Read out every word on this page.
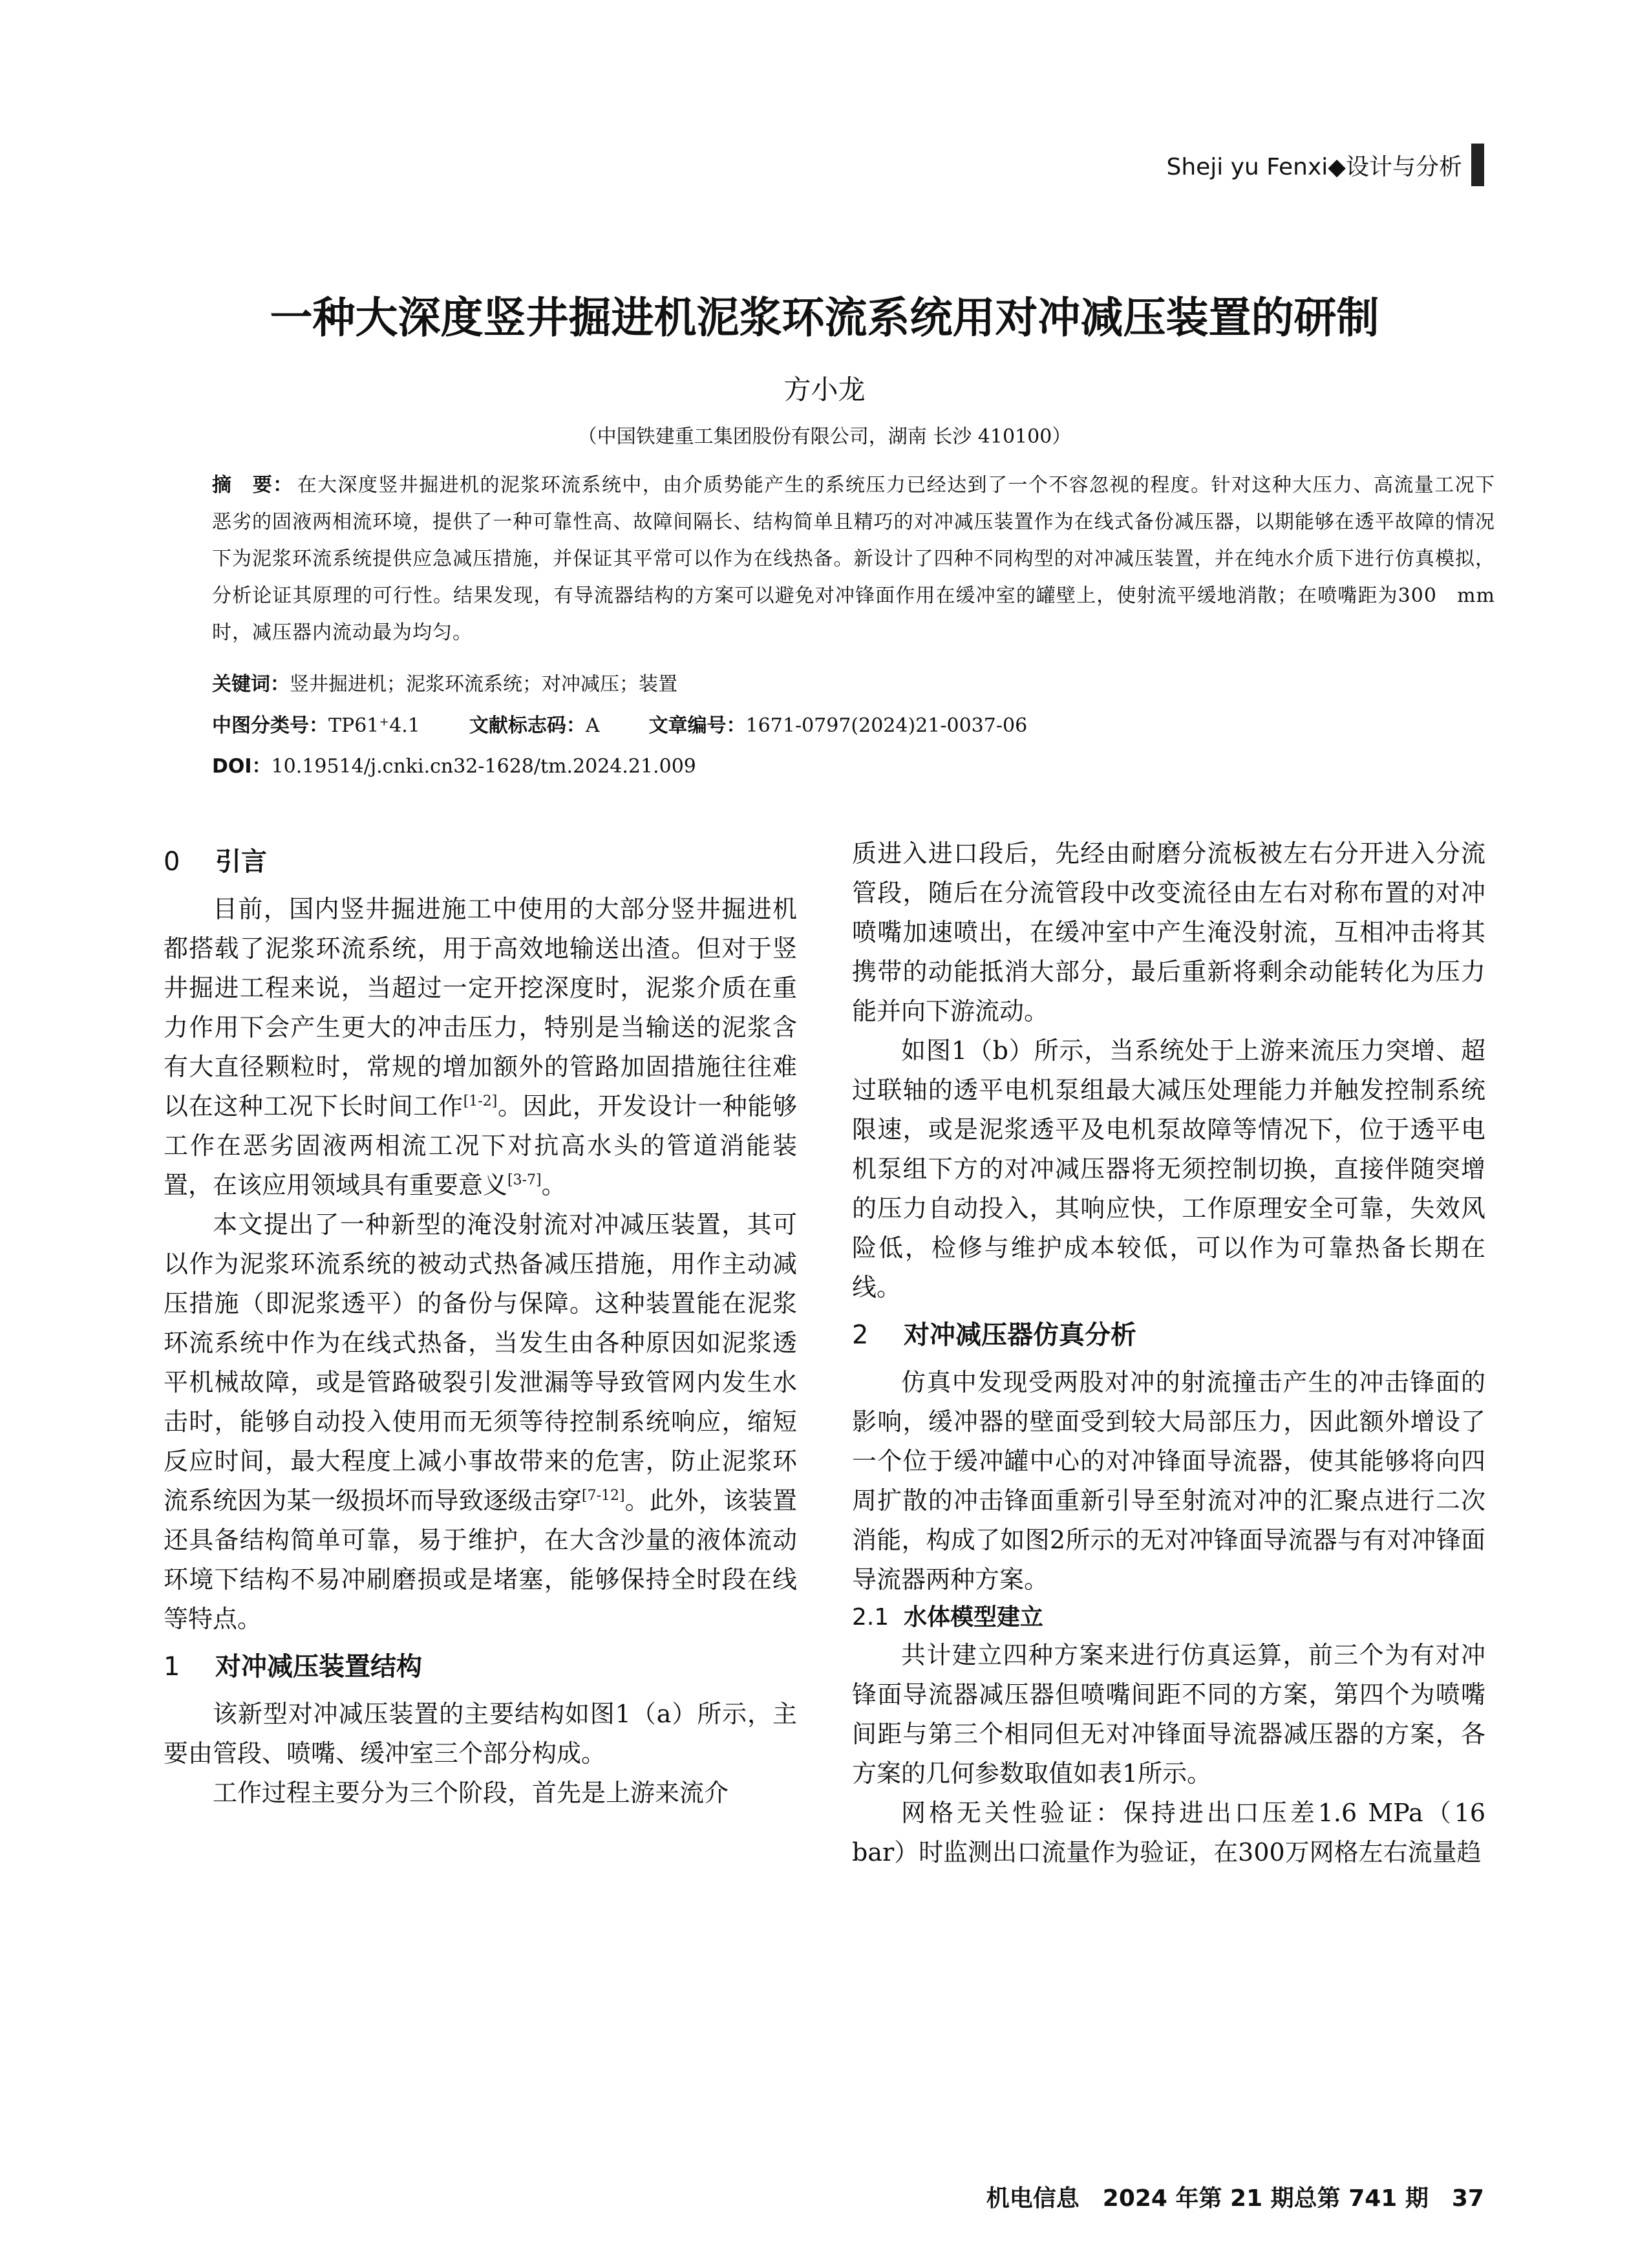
Sheji yu Fenxi◆设计与分析
一种大深度竖井掘进机泥浆环流系统用对冲减压装置的研制
方小龙
（中国铁建重工集团股份有限公司，湖南 长沙 410100）
摘　要： 在大深度竖井掘进机的泥浆环流系统中，由介质势能产生的系统压力已经达到了一个不容忽视的程度。针对这种大压力、高流量工况下恶劣的固液两相流环境，提供了一种可靠性高、故障间隔长、结构简单且精巧的对冲减压装置作为在线式备份减压器，以期能够在透平故障的情况下为泥浆环流系统提供应急减压措施，并保证其平常可以作为在线热备。新设计了四种不同构型的对冲减压装置，并在纯水介质下进行仿真模拟，分析论证其原理的可行性。结果发现，有导流器结构的方案可以避免对冲锋面作用在缓冲室的罐壁上，使射流平缓地消散；在喷嘴距为300　mm时，减压器内流动最为均匀。
关键词：竖井掘进机；泥浆环流系统；对冲减压；装置
中图分类号：TP61⁺4.1	文献标志码：A	文章编号：1671-0797(2024)21-0037-06
DOI：10.19514/j.cnki.cn32-1628/tm.2024.21.009
0 引言

目前，国内竖井掘进施工中使用的大部分竖井掘进机都搭载了泥浆环流系统，用于高效地输送出渣。但对于竖井掘进工程来说，当超过一定开挖深度时，泥浆介质在重力作用下会产生更大的冲击压力，特别是当输送的泥浆含有大直径颗粒时，常规的增加额外的管路加固措施往往难以在这种工况下长时间工作[1-2]。因此，开发设计一种能够工作在恶劣固液两相流工况下对抗高水头的管道消能装置，在该应用领域具有重要意义[3-7]。

本文提出了一种新型的淹没射流对冲减压装置，其可以作为泥浆环流系统的被动式热备减压措施，用作主动减压措施（即泥浆透平）的备份与保障。这种装置能在泥浆环流系统中作为在线式热备，当发生由各种原因如泥浆透平机械故障，或是管路破裂引发泄漏等导致管网内发生水击时，能够自动投入使用而无须等待控制系统响应，缩短反应时间，最大程度上减小事故带来的危害，防止泥浆环流系统因为某一级损坏而导致逐级击穿[7-12]。此外，该装置还具备结构简单可靠，易于维护，在大含沙量的液体流动环境下结构不易冲刷磨损或是堵塞，能够保持全时段在线等特点。

1 对冲减压装置结构

该新型对冲减压装置的主要结构如图1（a）所示，主要由管段、喷嘴、缓冲室三个部分构成。

工作过程主要分为三个阶段，首先是上游来流介

质进入进口段后，先经由耐磨分流板被左右分开进入分流管段，随后在分流管段中改变流径由左右对称布置的对冲喷嘴加速喷出，在缓冲室中产生淹没射流，互相冲击将其携带的动能抵消大部分，最后重新将剩余动能转化为压力能并向下游流动。

如图1（b）所示，当系统处于上游来流压力突增、超过联轴的透平电机泵组最大减压处理能力并触发控制系统限速，或是泥浆透平及电机泵故障等情况下，位于透平电机泵组下方的对冲减压器将无须控制切换，直接伴随突增的压力自动投入，其响应快，工作原理安全可靠，失效风险低，检修与维护成本较低，可以作为可靠热备长期在线。

2 对冲减压器仿真分析

仿真中发现受两股对冲的射流撞击产生的冲击锋面的影响，缓冲器的壁面受到较大局部压力，因此额外增设了一个位于缓冲罐中心的对冲锋面导流器，使其能够将向四周扩散的冲击锋面重新引导至射流对冲的汇聚点进行二次消能，构成了如图2所示的无对冲锋面导流器与有对冲锋面导流器两种方案。

2.1 水体模型建立

共计建立四种方案来进行仿真运算，前三个为有对冲锋面导流器减压器但喷嘴间距不同的方案，第四个为喷嘴间距与第三个相同但无对冲锋面导流器减压器的方案，各方案的几何参数取值如表1所示。

网格无关性验证：保持进出口压差1.6 MPa（16 bar）时监测出口流量作为验证，在300万网格左右流量趋

机电信息　2024 年第 21 期总第 741 期　37
